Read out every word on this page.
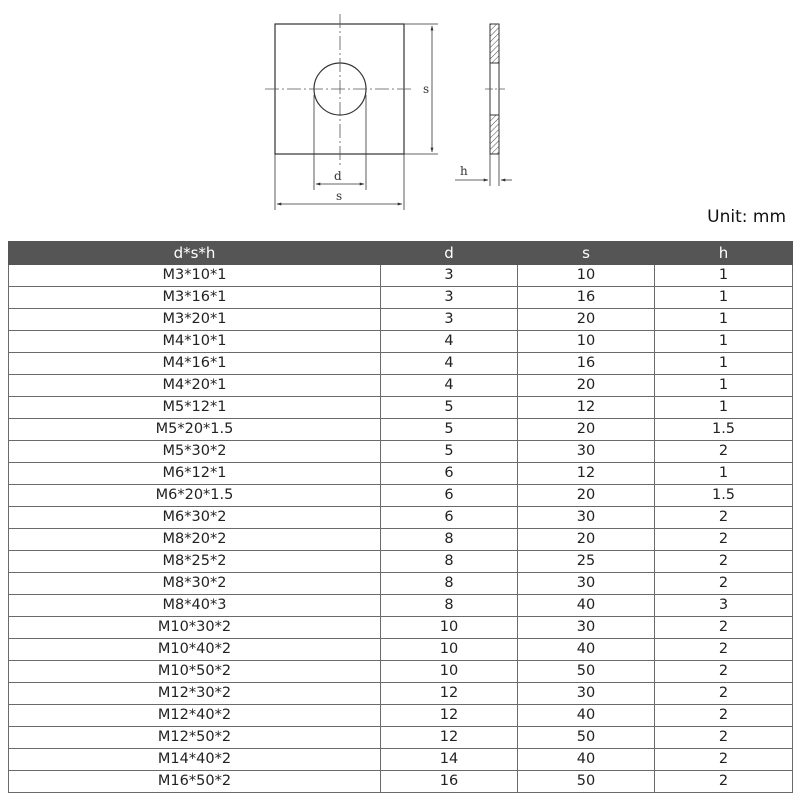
s
d
s
h
Unit: mm
d*s*h	d	s	h
M3*10*1	3	10	1
M3*16*1	3	16	1
M3*20*1	3	20	1
M4*10*1	4	10	1
M4*16*1	4	16	1
M4*20*1	4	20	1
M5*12*1	5	12	1
M5*20*1.5	5	20	1.5
M5*30*2	5	30	2
M6*12*1	6	12	1
M6*20*1.5	6	20	1.5
M6*30*2	6	30	2
M8*20*2	8	20	2
M8*25*2	8	25	2
M8*30*2	8	30	2
M8*40*3	8	40	3
M10*30*2	10	30	2
M10*40*2	10	40	2
M10*50*2	10	50	2
M12*30*2	12	30	2
M12*40*2	12	40	2
M12*50*2	12	50	2
M14*40*2	14	40	2
M16*50*2	16	50	2
